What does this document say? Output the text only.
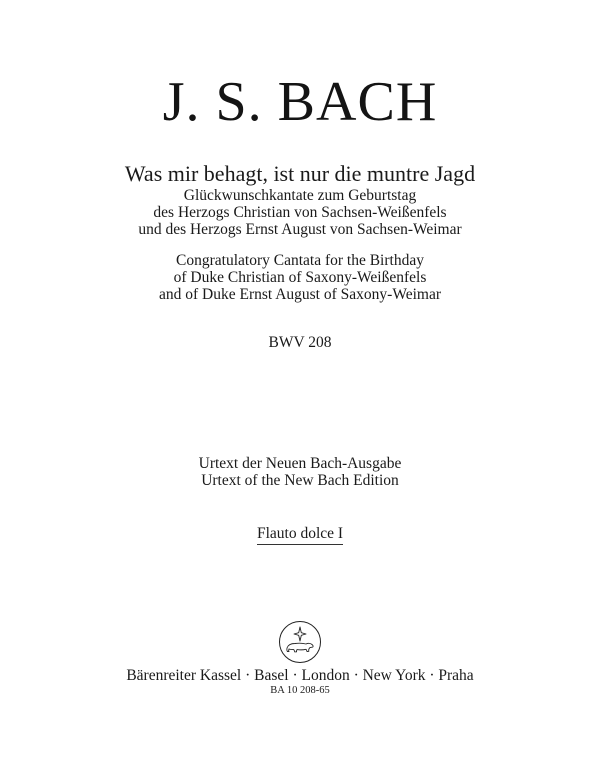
J. S. BACH
Was mir behagt, ist nur die muntre Jagd
Glückwunschkantate zum Geburtstag
des Herzogs Christian von Sachsen-Weißenfels
und des Herzogs Ernst August von Sachsen-Weimar
Congratulatory Cantata for the Birthday
of Duke Christian of Saxony-Weißenfels
and of Duke Ernst August of Saxony-Weimar
BWV 208
Urtext der Neuen Bach-Ausgabe
Urtext of the New Bach Edition
Flauto dolce I
Bärenreiter Kassel · Basel · London · New York · Praha
BA 10 208-65
